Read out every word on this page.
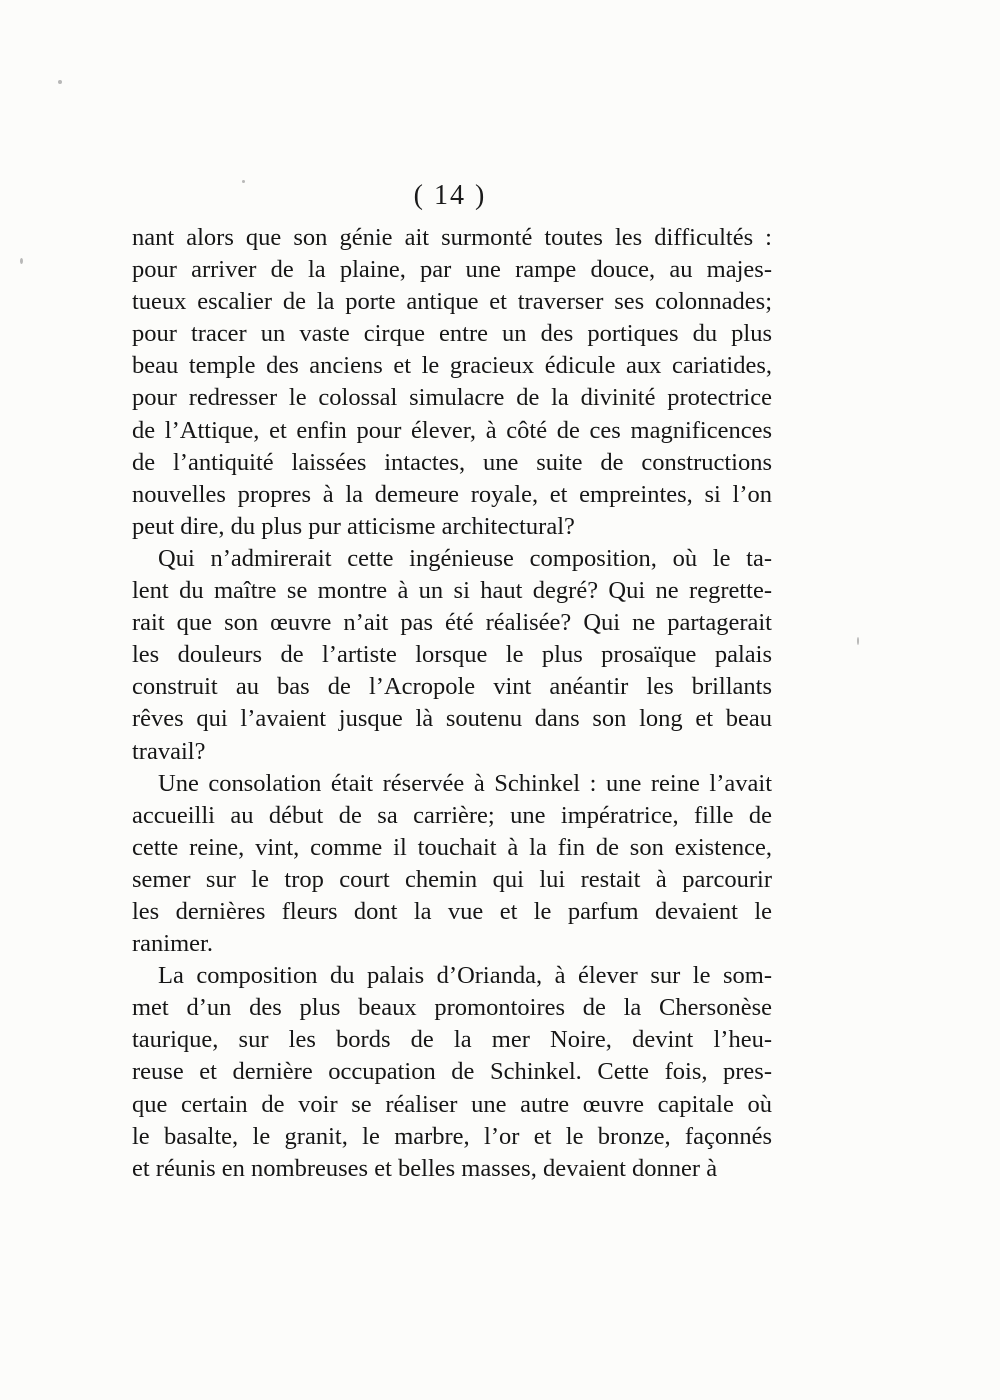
( 14 )
nant alors que son génie ait surmonté toutes les difficultés :
pour arriver de la plaine, par une rampe douce, au majes-
tueux escalier de la porte antique et traverser ses colonnades;
pour tracer un vaste cirque entre un des portiques du plus
beau temple des anciens et le gracieux édicule aux cariatides,
pour redresser le colossal simulacre de la divinité protectrice
de l’Attique, et enfin pour élever, à côté de ces magnificences
de l’antiquité laissées intactes, une suite de constructions
nouvelles propres à la demeure royale, et empreintes, si l’on
peut dire, du plus pur atticisme architectural?
Qui n’admirerait cette ingénieuse composition, où le ta-
lent du maître se montre à un si haut degré? Qui ne regrette-
rait que son œuvre n’ait pas été réalisée? Qui ne partagerait
les douleurs de l’artiste lorsque le plus prosaïque palais
construit au bas de l’Acropole vint anéantir les brillants
rêves qui l’avaient jusque là soutenu dans son long et beau
travail?
Une consolation était réservée à Schinkel : une reine l’avait
accueilli au début de sa carrière; une impératrice, fille de
cette reine, vint, comme il touchait à la fin de son existence,
semer sur le trop court chemin qui lui restait à parcourir
les dernières fleurs dont la vue et le parfum devaient le
ranimer.
La composition du palais d’Orianda, à élever sur le som-
met d’un des plus beaux promontoires de la Chersonèse
taurique, sur les bords de la mer Noire, devint l’heu-
reuse et dernière occupation de Schinkel. Cette fois, pres-
que certain de voir se réaliser une autre œuvre capitale où
le basalte, le granit, le marbre, l’or et le bronze, façonnés
et réunis en nombreuses et belles masses, devaient donner à
